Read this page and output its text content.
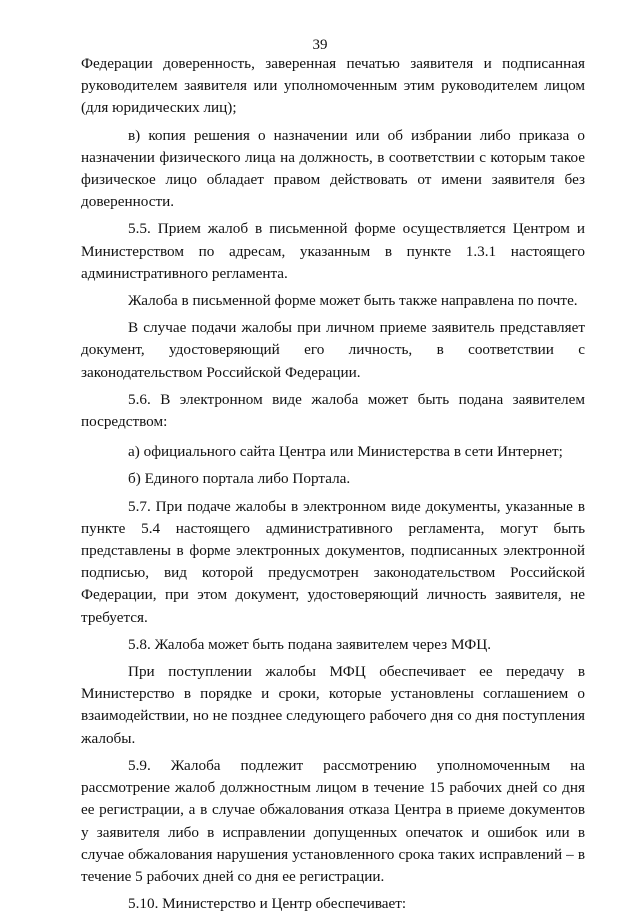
39

Федерации доверенность, заверенная печатью заявителя и подписанная руководителем заявителя или уполномоченным этим руководителем лицом (для юридических лиц);

в) копия решения о назначении или об избрании либо приказа о назначении физического лица на должность, в соответствии с которым такое физическое лицо обладает правом действовать от имени заявителя без доверенности.

5.5. Прием жалоб в письменной форме осуществляется Центром и Министерством по адресам, указанным в пункте 1.3.1 настоящего административного регламента.

Жалоба в письменной форме может быть также направлена по почте.

В случае подачи жалобы при личном приеме заявитель представляет документ, удостоверяющий его личность, в соответствии с законодательством Российской Федерации.

5.6. В электронном виде жалоба может быть подана заявителем посредством:

а) официального сайта Центра или Министерства в сети Интернет;

б) Единого портала либо Портала.

5.7. При подаче жалобы в электронном виде документы, указанные в пункте 5.4 настоящего административного регламента, могут быть представлены в форме электронных документов, подписанных электронной подписью, вид которой предусмотрен законодательством Российской Федерации, при этом документ, удостоверяющий личность заявителя, не требуется.

5.8. Жалоба может быть подана заявителем через МФЦ.

При поступлении жалобы МФЦ обеспечивает ее передачу в Министерство в порядке и сроки, которые установлены соглашением о взаимодействии, но не позднее следующего рабочего дня со дня поступления жалобы.

5.9. Жалоба подлежит рассмотрению уполномоченным на рассмотрение жалоб должностным лицом в течение 15 рабочих дней со дня ее регистрации, а в случае обжалования отказа Центра в приеме документов у заявителя либо в исправлении допущенных опечаток и ошибок или в случае обжалования нарушения установленного срока таких исправлений – в течение 5 рабочих дней со дня ее регистрации.

5.10. Министерство и Центр обеспечивает:
